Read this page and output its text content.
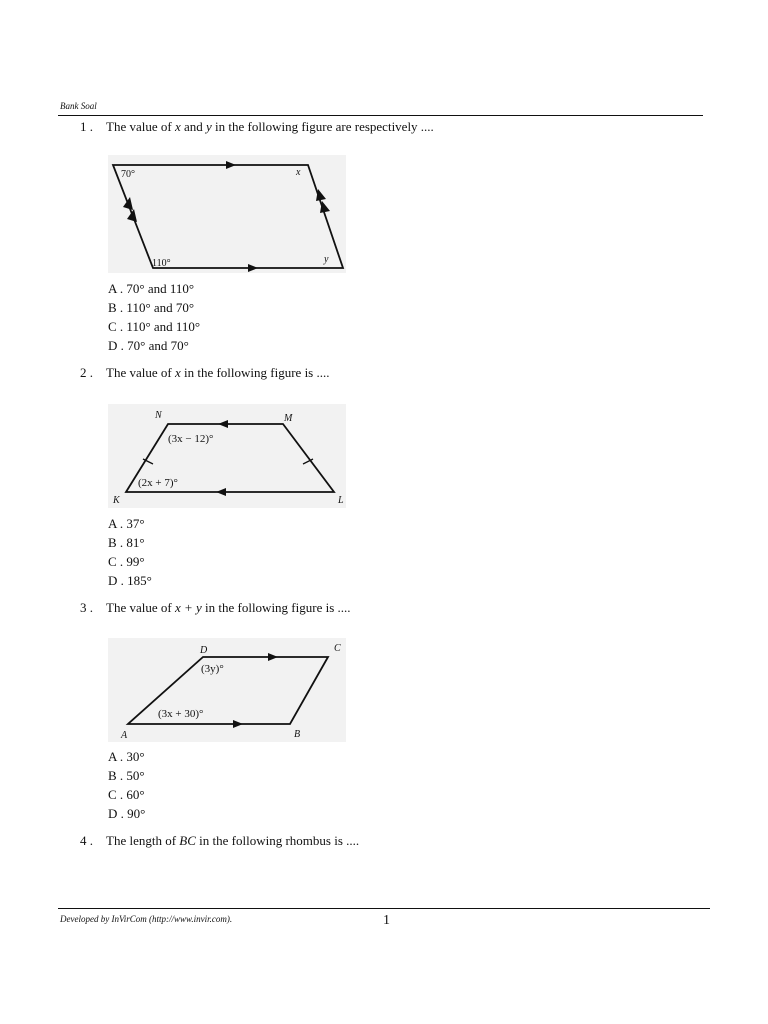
Bank Soal
1 . The value of x and y in the following figure are respectively ....
70°	x
110°	y
A . 70° and 110°
B . 110° and 70°
C . 110° and 110°
D . 70° and 70°
2 . The value of x in the following figure is ....
N	M
K	L
(3x − 12)°
(2x + 7)°
A . 37°
B . 81°
C . 99°
D . 185°
3 . The value of x + y in the following figure is ....
D	C
A	B
(3y)°
(3x + 30)°
A . 30°
B . 50°
C . 60°
D . 90°
4 . The length of BC in the following rhombus is ....
Developed by InVirCom (http://www.invir.com).	1
